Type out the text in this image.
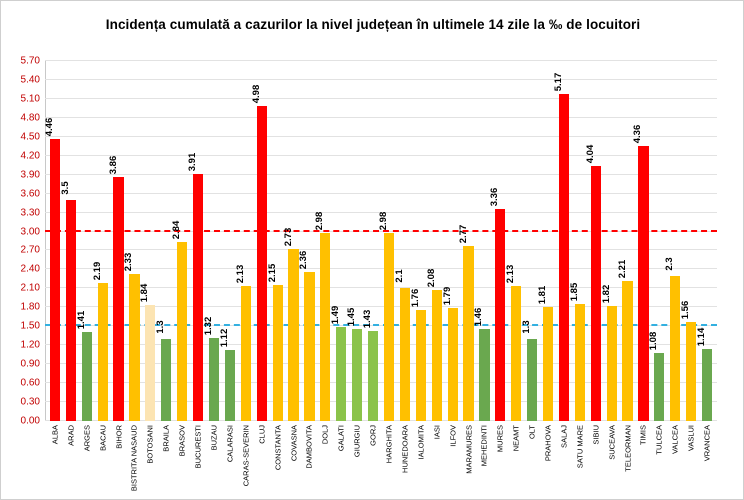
Incidența cumulată a cazurilor la nivel județean în ultimele 14 zile la ‰ de locuitori
5.70
5.40
5.10
4.80
4.50
4.20
3.90
3.60
3.30
3.00
2.70
2.40
2.10
1.80
1.50
1.20
0.90
0.60
0.30
0.00
4.46
3.5
1.41
2.19
3.86
2.33
1.84
1.3
2.84
3.91
1.32
1.12
2.13
4.98
2.15
2.73
2.36
2.98
1.49 1.45 1.43
2.98
2.1
1.76
2.08
1.79
2.77
1.46
3.36
2.13
1.3
1.81
5.17
1.85
4.04
1.82
2.21
4.36
1.08
2.3
1.56
1.14
ALBA ARAD ARGES BACAU BIHOR BISTRITA NASAUD BOTOSANI BRAILA BRASOV BUCURESTI BUZAU CALARASI CARAS-SEVERIN CLUJ CONSTANTA COVASNA DAMBOVITA DOLJ GALATI GIURGIU GORJ HARGHITA HUNEDOARA IALOMITA IASI ILFOV MARAMURES MEHEDINTI MURES NEAMT OLT PRAHOVA SALAJ SATU MARE SIBIU SUCEAVA TELEORMAN TIMIS TULCEA VALCEA VASLUI VRANCEA
